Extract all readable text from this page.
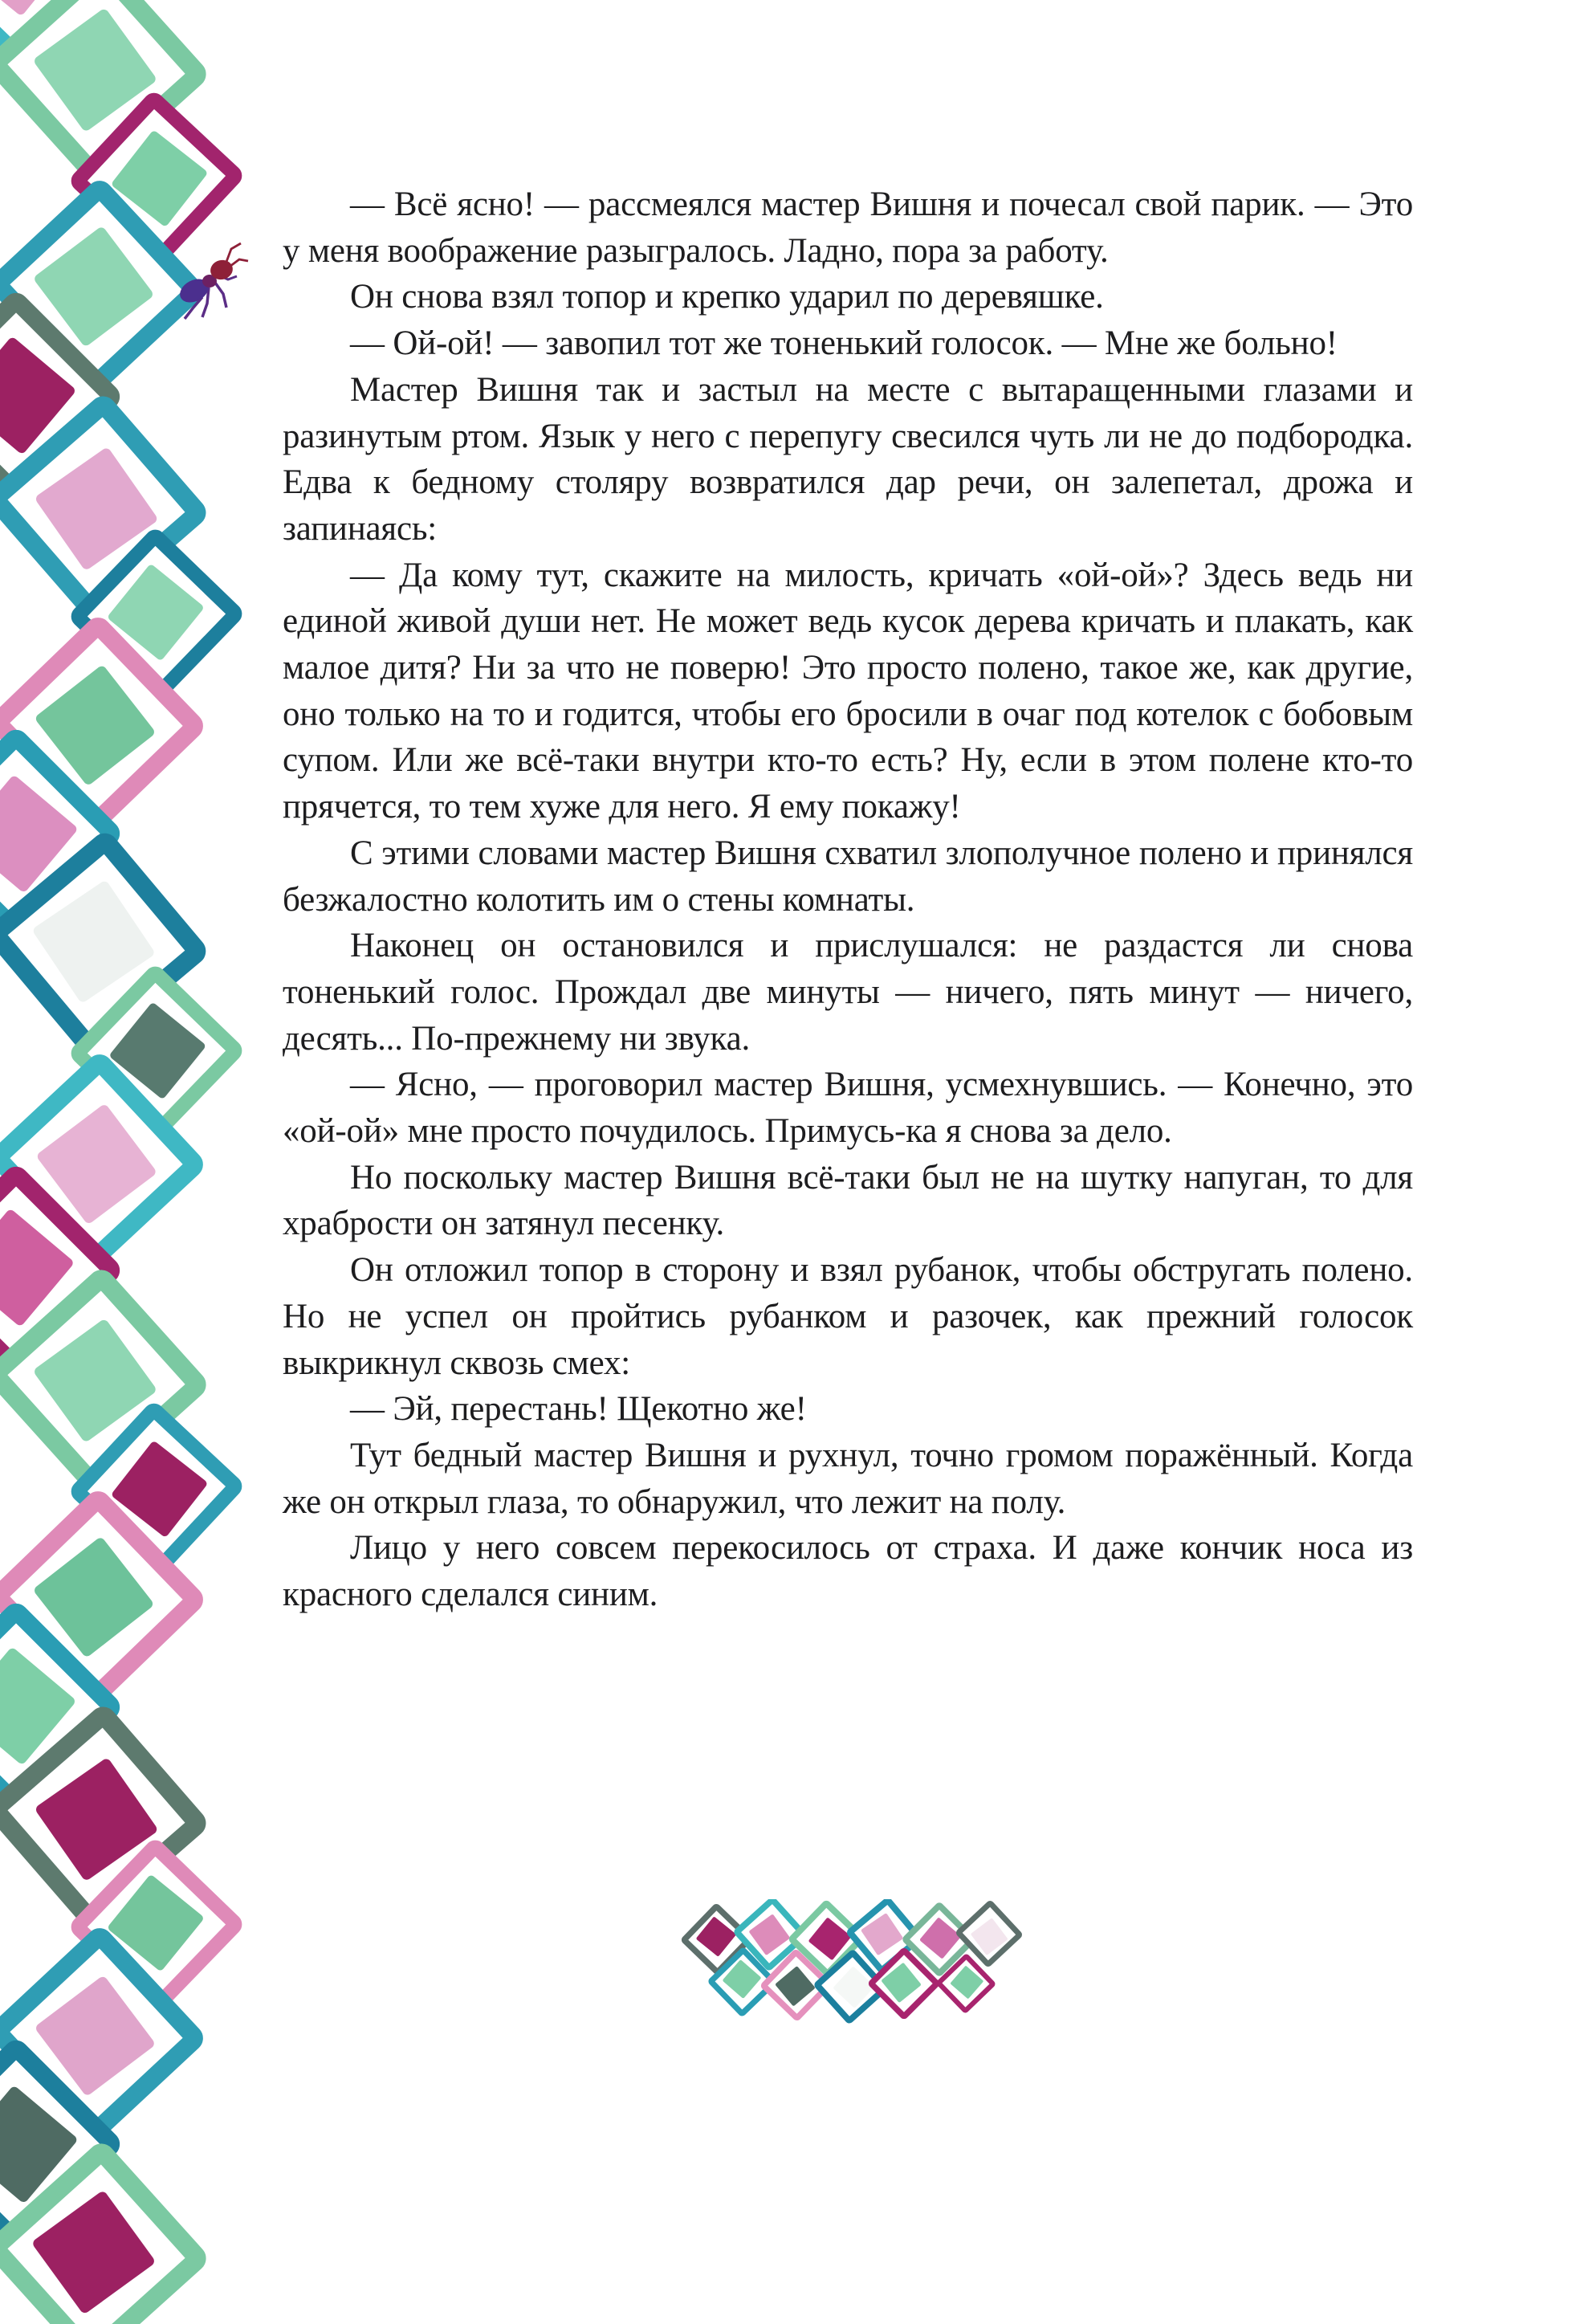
— Всё ясно! — рассмеялся мастер Вишня и почесал свой парик. — Это у меня воображение разыгралось. Ладно, пора за работу.

Он снова взял топор и крепко ударил по деревяшке.

— Ой-ой! — завопил тот же тоненький голосок. — Мне же больно!

Мастер Вишня так и застыл на месте с вытаращенными глазами и разинутым ртом. Язык у него с перепугу свесился чуть ли не до подбородка. Едва к бедному столяру возвратился дар речи, он залепетал, дрожа и запинаясь:

— Да кому тут, скажите на милость, кричать «ой-ой»? Здесь ведь ни единой живой души нет. Не может ведь кусок дерева кричать и плакать, как малое дитя? Ни за что не поверю! Это просто полено, такое же, как другие, оно только на то и годится, чтобы его бросили в очаг под котелок с бобовым супом. Или же всё-таки внутри кто-то есть? Ну, если в этом полене кто-то прячется, то тем хуже для него. Я ему покажу!

С этими словами мастер Вишня схватил злополучное полено и принялся безжалостно колотить им о стены комнаты.

Наконец он остановился и прислушался: не раздастся ли снова тоненький голос. Прождал две минуты — ничего, пять минут — ничего, десять... По-прежнему ни звука.

— Ясно, — проговорил мастер Вишня, усмехнувшись. — Конечно, это «ой-ой» мне просто почудилось. Примусь-ка я снова за дело.

Но поскольку мастер Вишня всё-таки был не на шутку напуган, то для храбрости он затянул песенку.

Он отложил топор в сторону и взял рубанок, чтобы обстругать полено. Но не успел он пройтись рубанком и разочек, как прежний голосок выкрикнул сквозь смех:

— Эй, перестань! Щекотно же!

Тут бедный мастер Вишня и рухнул, точно громом поражённый. Когда же он открыл глаза, то обнаружил, что лежит на полу.

Лицо у него совсем перекосилось от страха. И даже кончик носа из красного сделался синим.
